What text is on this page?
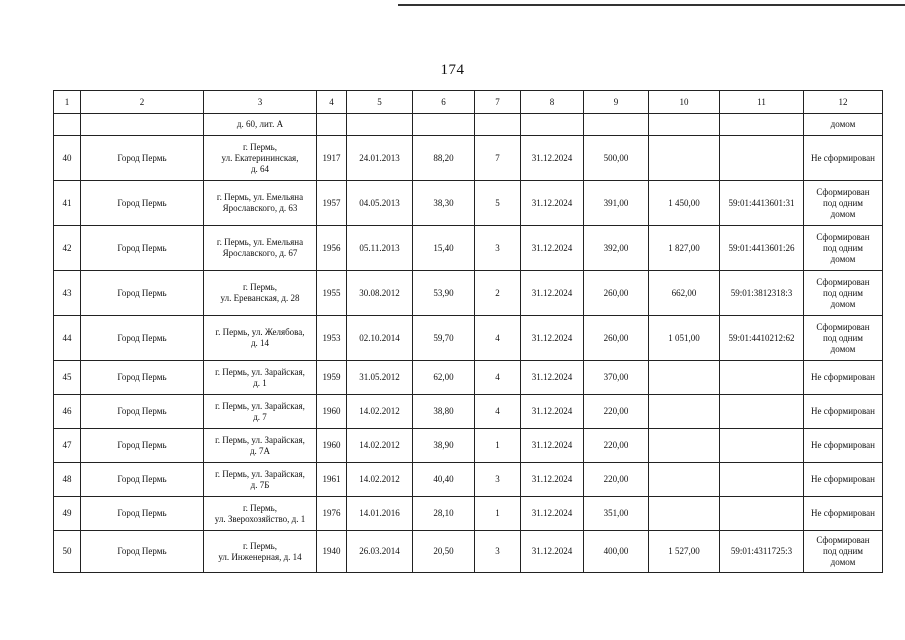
174
1	2	3	4	5	6	7	8	9	10	11	12
		д. 60, лит. А									домом
40	Город Пермь	г. Пермь,
ул. Екатерининская,
д. 64	1917	24.01.2013	88,20	7	31.12.2024	500,00			Не сформирован
41	Город Пермь	г. Пермь, ул. Емельяна
Ярославского, д. 63	1957	04.05.2013	38,30	5	31.12.2024	391,00	1 450,00	59:01:4413601:31	Сформирован
под одним
домом
42	Город Пермь	г. Пермь, ул. Емельяна
Ярославского, д. 67	1956	05.11.2013	15,40	3	31.12.2024	392,00	1 827,00	59:01:4413601:26	Сформирован
под одним
домом
43	Город Пермь	г. Пермь,
ул. Ереванская, д. 28	1955	30.08.2012	53,90	2	31.12.2024	260,00	662,00	59:01:3812318:3	Сформирован
под одним
домом
44	Город Пермь	г. Пермь, ул. Желябова,
д. 14	1953	02.10.2014	59,70	4	31.12.2024	260,00	1 051,00	59:01:4410212:62	Сформирован
под одним
домом
45	Город Пермь	г. Пермь, ул. Зарайская,
д. 1	1959	31.05.2012	62,00	4	31.12.2024	370,00			Не сформирован
46	Город Пермь	г. Пермь, ул. Зарайская,
д. 7	1960	14.02.2012	38,80	4	31.12.2024	220,00			Не сформирован
47	Город Пермь	г. Пермь, ул. Зарайская,
д. 7А	1960	14.02.2012	38,90	1	31.12.2024	220,00			Не сформирован
48	Город Пермь	г. Пермь, ул. Зарайская,
д. 7Б	1961	14.02.2012	40,40	3	31.12.2024	220,00			Не сформирован
49	Город Пермь	г. Пермь,
ул. Зверохозяйство, д. 1	1976	14.01.2016	28,10	1	31.12.2024	351,00			Не сформирован
50	Город Пермь	г. Пермь,
ул. Инженерная, д. 14	1940	26.03.2014	20,50	3	31.12.2024	400,00	1 527,00	59:01:4311725:3	Сформирован
под одним
домом
